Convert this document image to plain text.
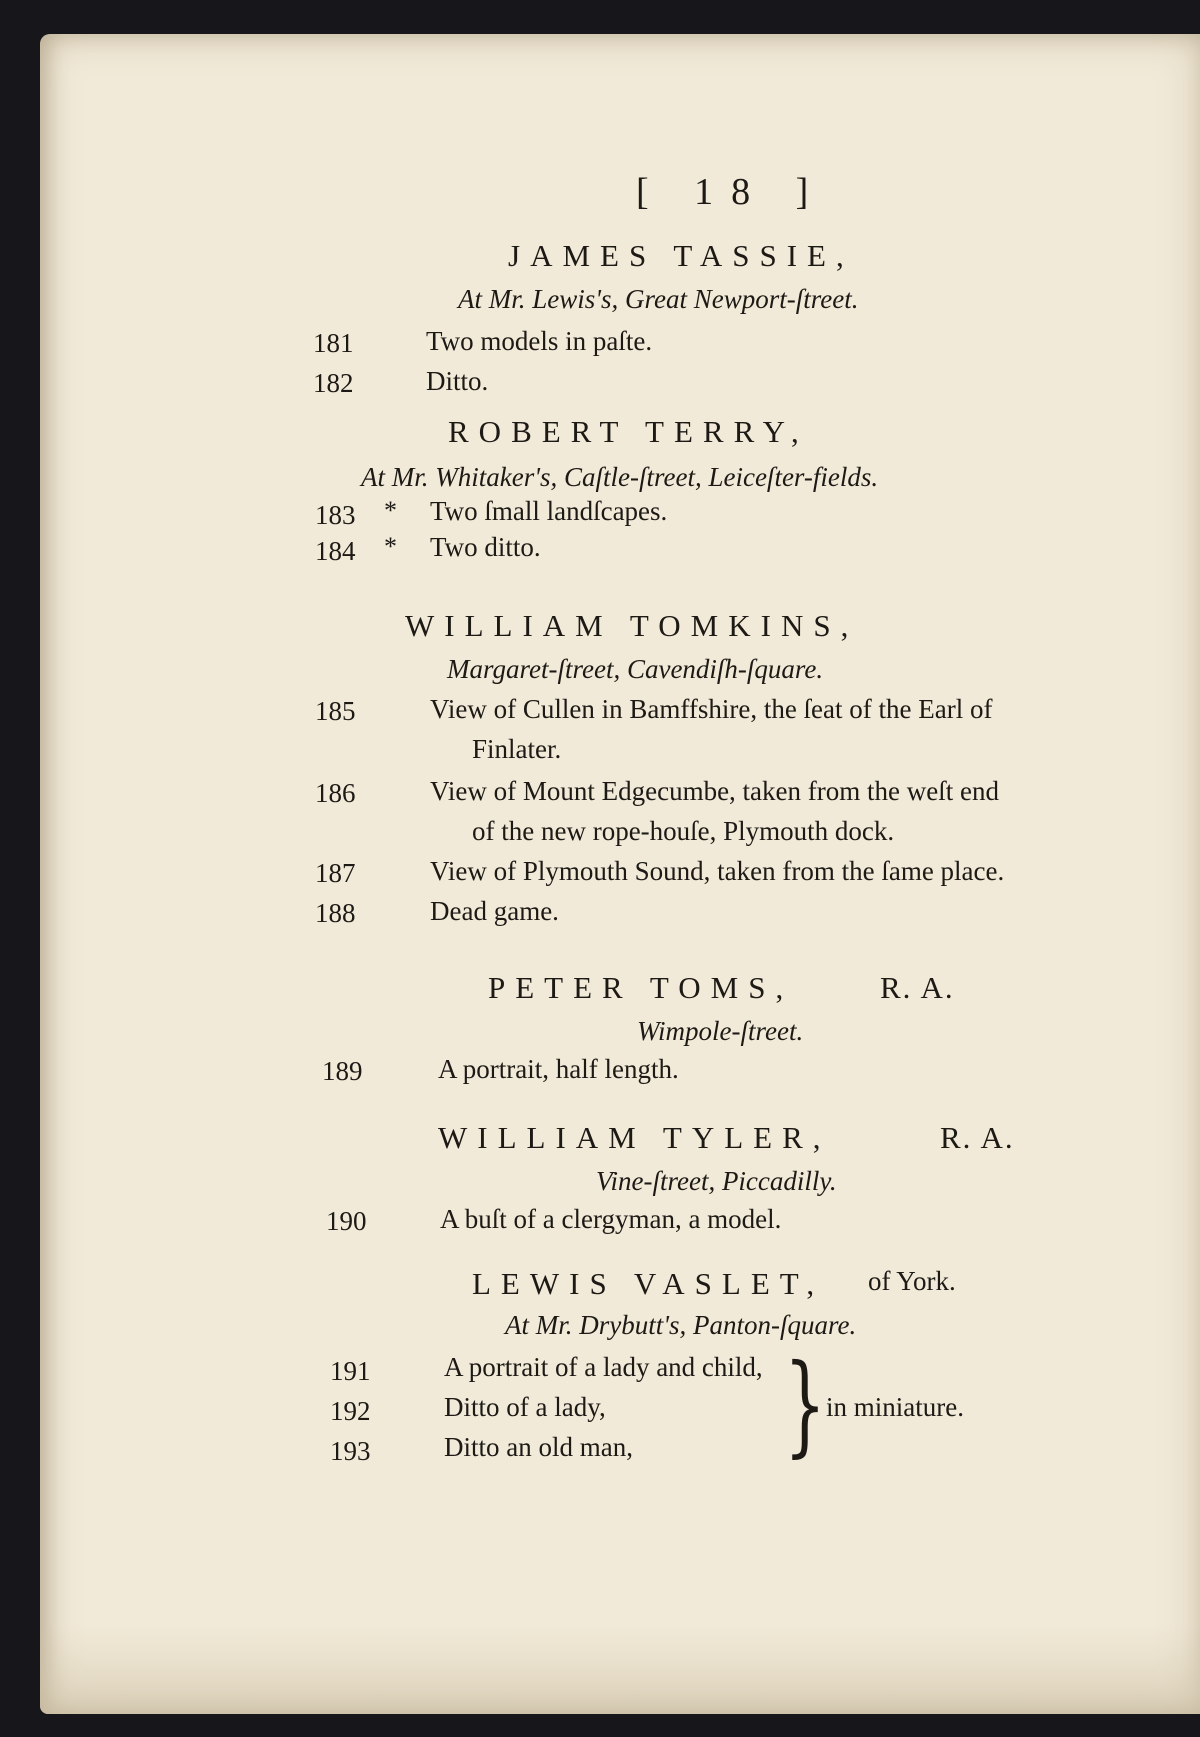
[ 18 ]
JAMES TASSIE,
At Mr. Lewis's, Great Newport-ſtreet.
181	Two models in paſte.
182	Ditto.
ROBERT TERRY,
At Mr. Whitaker's, Caſtle-ſtreet, Leiceſter-fields.
183 * Two ſmall landſcapes.
184 * Two ditto.
WILLIAM TOMKINS,
Margaret-ſtreet, Cavendiſh-ſquare.
185	View of Cullen in Bamffshire, the ſeat of the Earl of
Finlater.
186	View of Mount Edgecumbe, taken from the weſt end
of the new rope-houſe, Plymouth dock.
187	View of Plymouth Sound, taken from the ſame place.
188	Dead game.
PETER TOMS,	R. A.
Wimpole-ſtreet.
189	A portrait, half length.
WILLIAM TYLER,	R. A.
Vine-ſtreet, Piccadilly.
190	A buſt of a clergyman, a model.
LEWIS VASLET, of York.
At Mr. Drybutt's, Panton-ſquare.
191	A portrait of a lady and child,
192	Ditto of a lady,
193	Ditto an old man, } in miniature.
